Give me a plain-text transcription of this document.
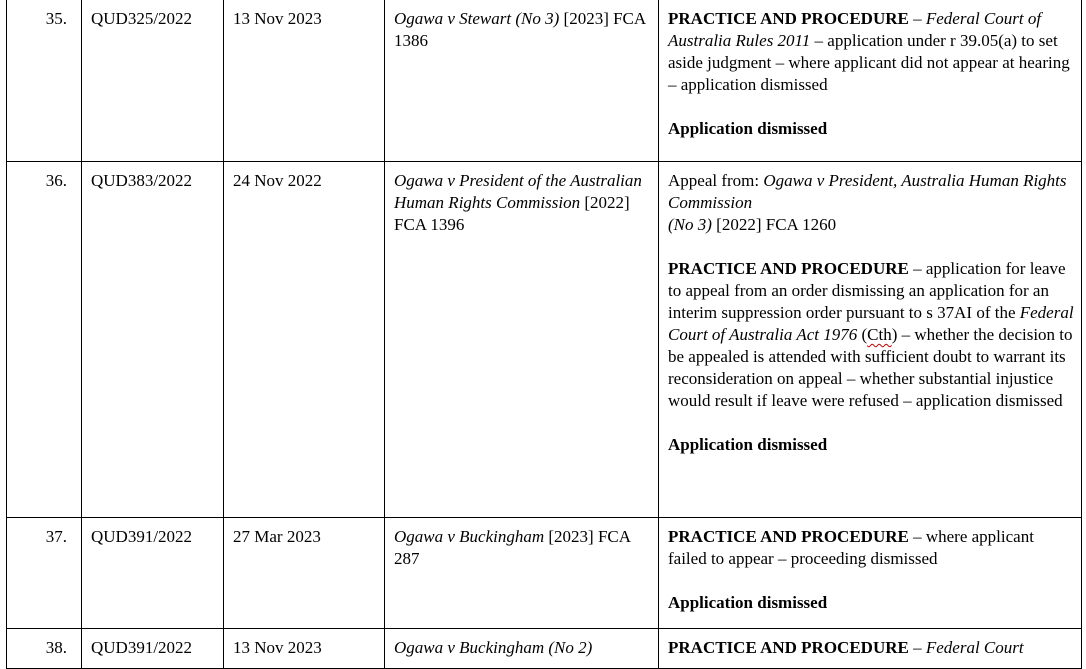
35.	QUD325/2022	13 Nov 2023	Ogawa v Stewart (No 3) [2023] FCA 1386	PRACTICE AND PROCEDURE – Federal Court of Australia Rules 2011 – application under r 39.05(a) to set aside judgment – where applicant did not appear at hearing – application dismissed

Application dismissed

36.	QUD383/2022	24 Nov 2022	Ogawa v President of the Australian Human Rights Commission [2022] FCA 1396	Appeal from: Ogawa v President, Australia Human Rights Commission
(No 3) [2022] FCA 1260

PRACTICE AND PROCEDURE – application for leave to appeal from an order dismissing an application for an interim suppression order pursuant to s 37AI of the Federal Court of Australia Act 1976 (Cth) – whether the decision to be appealed is attended with sufficient doubt to warrant its reconsideration on appeal – whether substantial injustice would result if leave were refused – application dismissed

Application dismissed

37.	QUD391/2022	27 Mar 2023	Ogawa v Buckingham [2023] FCA 287	PRACTICE AND PROCEDURE – where applicant failed to appear – proceeding dismissed

Application dismissed

38.	QUD391/2022	13 Nov 2023	Ogawa v Buckingham (No 2)	PRACTICE AND PROCEDURE – Federal Court
